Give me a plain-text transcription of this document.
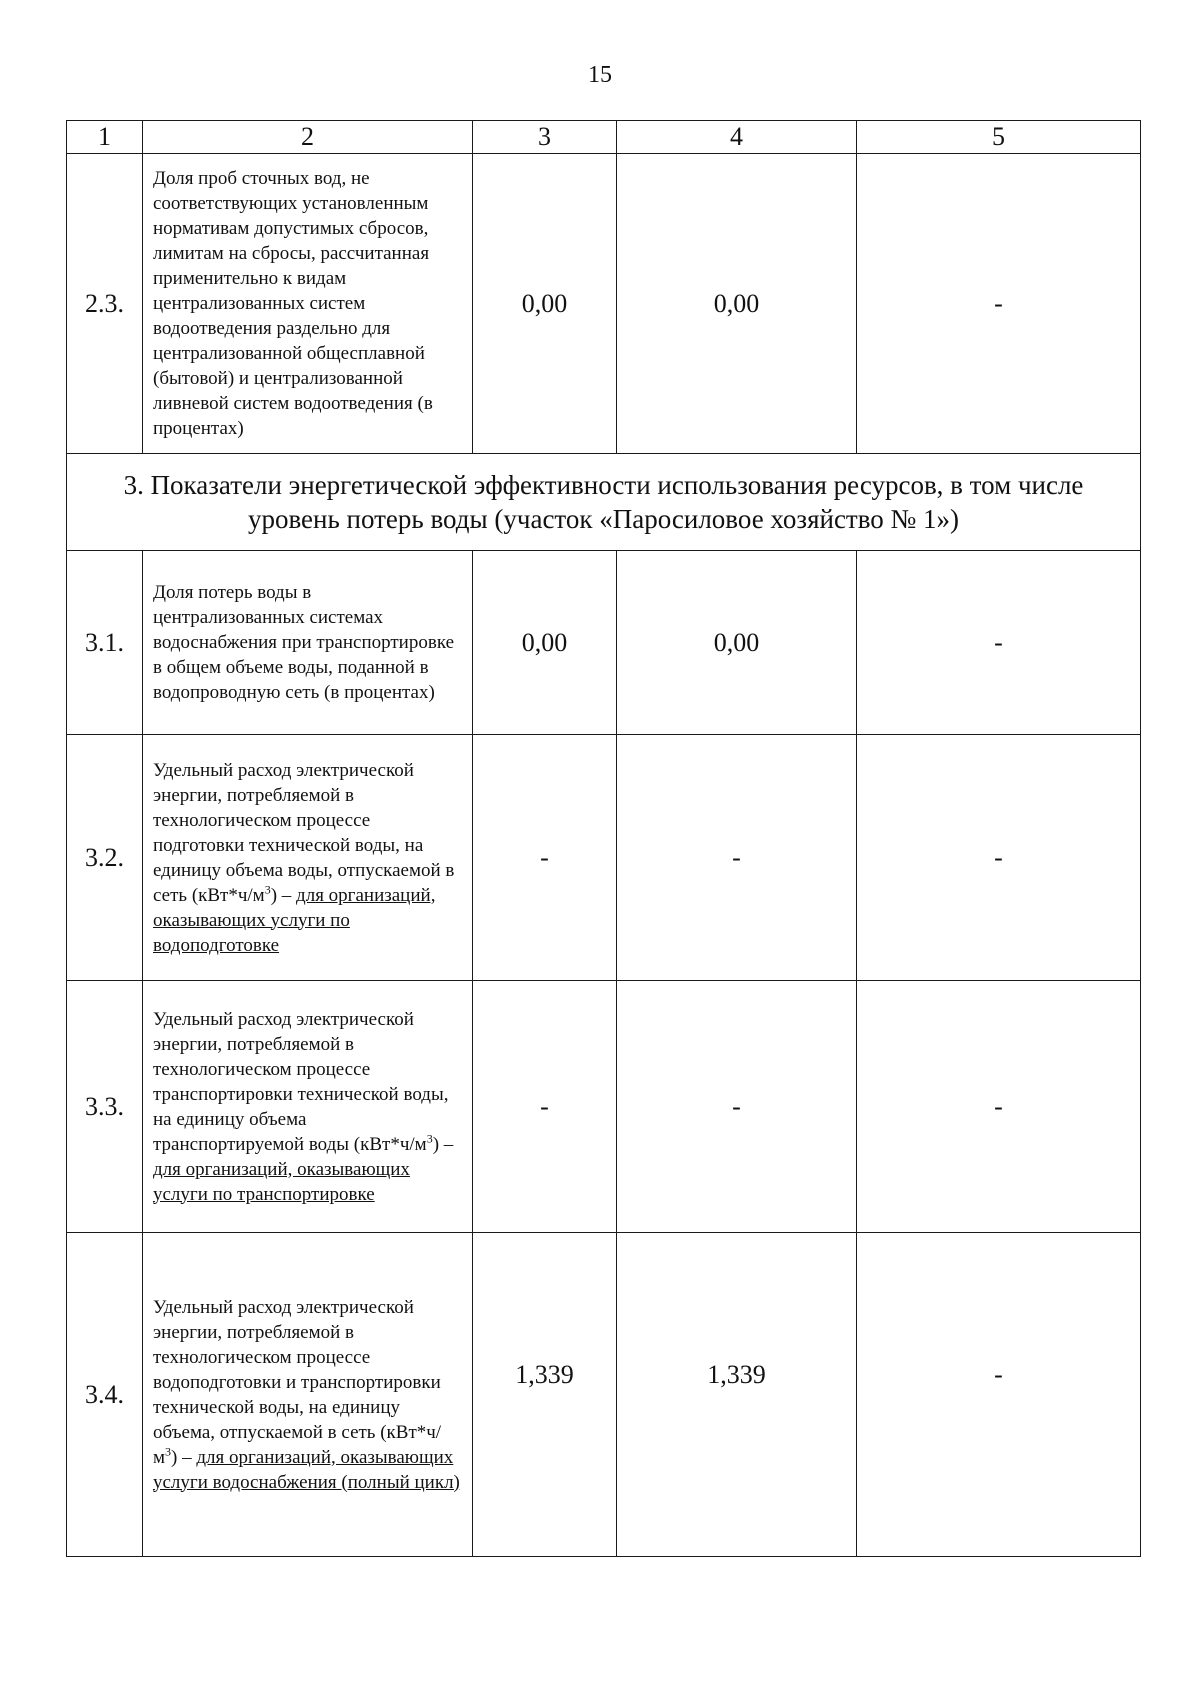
15
1	2	3	4	5
2.3.	Доля проб сточных вод, не соответствующих установленным нормативам допустимых сбросов, лимитам на сбросы, рассчитанная применительно к видам централизованных систем водоотведения раздельно для централизованной общесплавной (бытовой) и централизованной ливневой систем водоотведения (в процентах)	0,00	0,00	-
3. Показатели энергетической эффективности использования ресурсов, в том числе уровень потерь воды (участок «Паросиловое хозяйство № 1»)				
3.1.	Доля потерь воды в централизованных системах водоснабжения при транспортировке в общем объеме воды, поданной в водопроводную сеть (в процентах)	0,00	0,00	-
3.2.	Удельный расход электрической энергии, потребляемой в технологическом процессе подготовки технической воды, на единицу объема воды, отпускаемой в сеть $(кВт*ч/м^3)$ – для организаций, оказывающих услуги по водоподготовке	-	-	-
3.3.	Удельный расход электрической энергии, потребляемой в технологическом процессе транспортировки технической воды, на единицу объема транспортируемой воды $(кВт*ч/м^3)$ – для организаций, оказывающих услуги по транспортировке	-	-	-
3.4.	Удельный расход электрической энергии, потребляемой в технологическом процессе водоподготовки и транспортировки технической воды, на единицу объема, отпускаемой в сеть $(кВт*ч/м^3)$ – для организаций, оказывающих услуги водоснабжения (полный цикл)	1,339	1,339	-
